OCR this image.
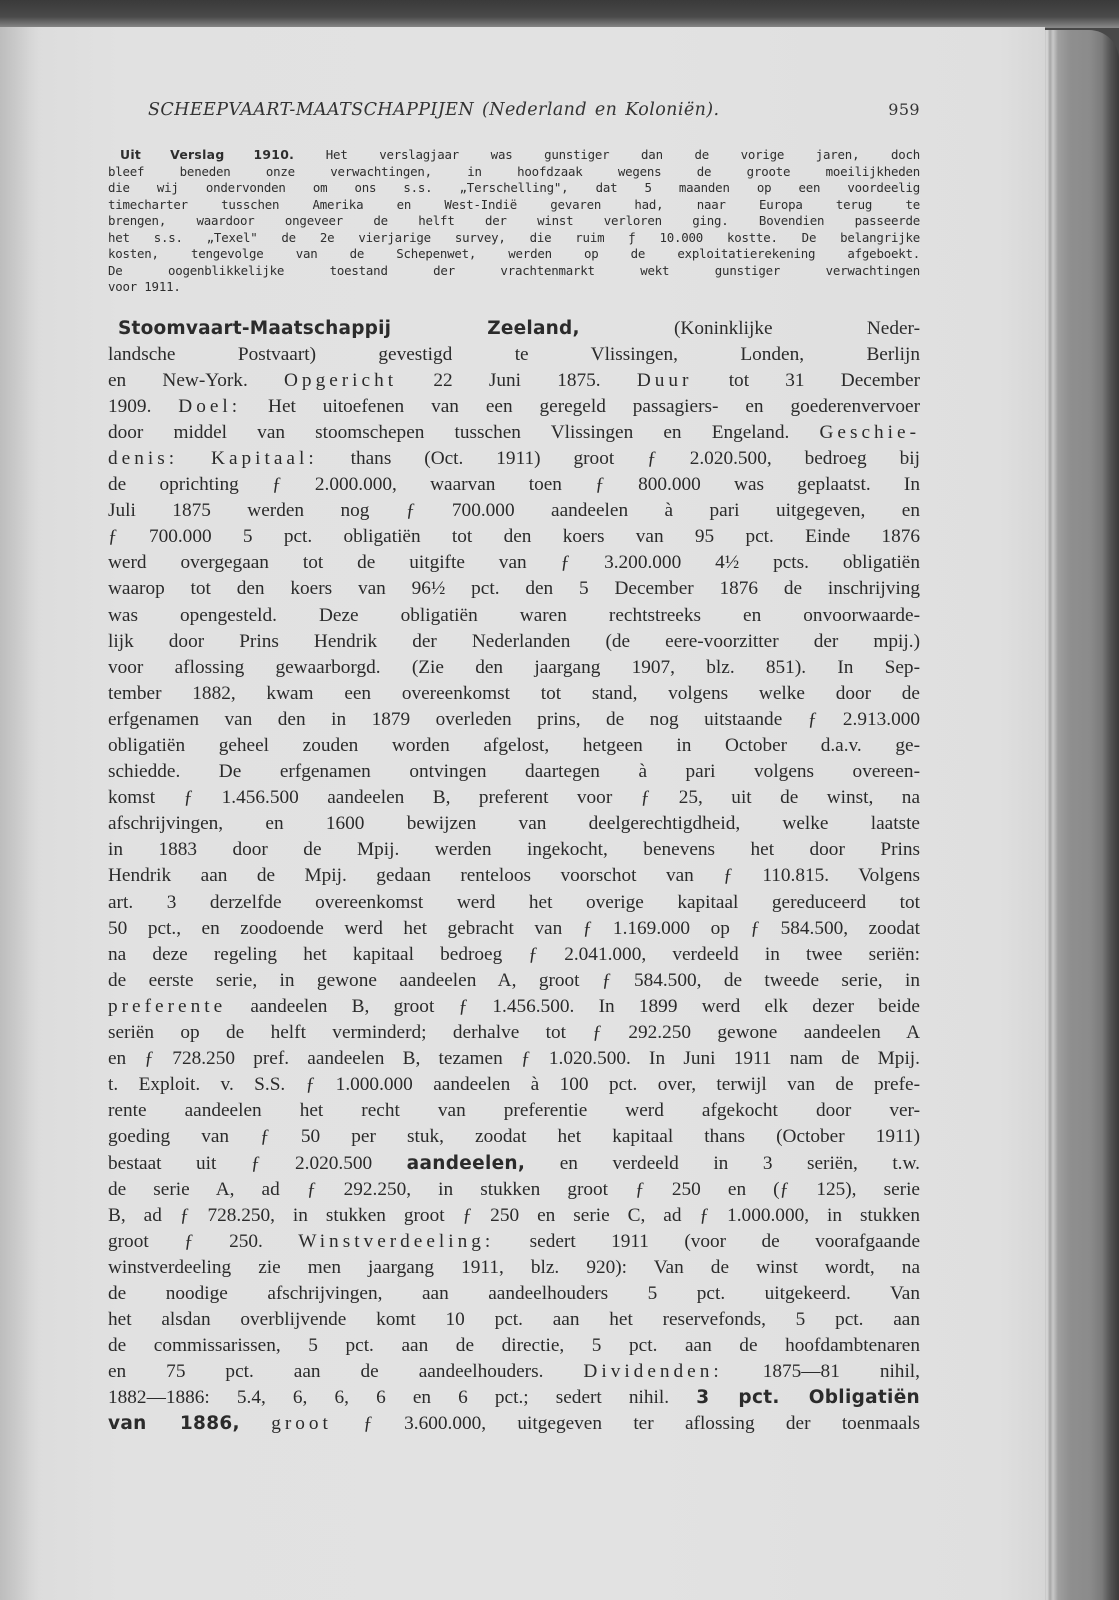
SCHEEPVAART-MAATSCHAPPIJEN (Nederland en Koloniën).	959
Uit Verslag 1910. Het verslagjaar was gunstiger dan de vorige jaren, doch
bleef beneden onze verwachtingen, in hoofdzaak wegens de groote moeilijkheden
die wij ondervonden om ons s.s. „Terschelling", dat 5 maanden op een voordeelig
timecharter tusschen Amerika en West-Indië gevaren had, naar Europa terug te
brengen, waardoor ongeveer de helft der winst verloren ging. Bovendien passeerde
het s.s. „Texel" de 2e vierjarige survey, die ruim ƒ 10.000 kostte. De belangrijke
kosten, tengevolge van de Schepenwet, werden op de exploitatierekening afgeboekt.
De oogenblikkelijke toestand der vrachtenmarkt wekt gunstiger verwachtingen
voor 1911.
Stoomvaart-Maatschappij Zeeland, (Koninklijke Neder-
landsche Postvaart) gevestigd te Vlissingen, Londen, Berlijn
en New-York. Opgericht 22 Juni 1875. Duur tot 31 December
1909. Doel: Het uitoefenen van een geregeld passagiers- en goederenvervoer
door middel van stoomschepen tusschen Vlissingen en Engeland. Geschie-
denis: Kapitaal: thans (Oct. 1911) groot ƒ 2.020.500, bedroeg bij
de oprichting ƒ 2.000.000, waarvan toen ƒ 800.000 was geplaatst. In
Juli 1875 werden nog ƒ 700.000 aandeelen à pari uitgegeven, en
ƒ 700.000 5 pct. obligatiën tot den koers van 95 pct. Einde 1876
werd overgegaan tot de uitgifte van ƒ 3.200.000 4½ pcts. obligatiën
waarop tot den koers van 96½ pct. den 5 December 1876 de inschrijving
was opengesteld. Deze obligatiën waren rechtstreeks en onvoorwaarde-
lijk door Prins Hendrik der Nederlanden (de eere-voorzitter der mpij.)
voor aflossing gewaarborgd. (Zie den jaargang 1907, blz. 851). In Sep-
tember 1882, kwam een overeenkomst tot stand, volgens welke door de
erfgenamen van den in 1879 overleden prins, de nog uitstaande ƒ 2.913.000
obligatiën geheel zouden worden afgelost, hetgeen in October d.a.v. ge-
schiedde. De erfgenamen ontvingen daartegen à pari volgens overeen-
komst ƒ 1.456.500 aandeelen B, preferent voor ƒ 25, uit de winst, na
afschrijvingen, en 1600 bewijzen van deelgerechtigdheid, welke laatste
in 1883 door de Mpij. werden ingekocht, benevens het door Prins
Hendrik aan de Mpij. gedaan renteloos voorschot van ƒ 110.815. Volgens
art. 3 derzelfde overeenkomst werd het overige kapitaal gereduceerd tot
50 pct., en zoodoende werd het gebracht van ƒ 1.169.000 op ƒ 584.500, zoodat
na deze regeling het kapitaal bedroeg ƒ 2.041.000, verdeeld in twee seriën:
de eerste serie, in gewone aandeelen A, groot ƒ 584.500, de tweede serie, in
preferente aandeelen B, groot ƒ 1.456.500. In 1899 werd elk dezer beide
seriën op de helft verminderd; derhalve tot ƒ 292.250 gewone aandeelen A
en ƒ 728.250 pref. aandeelen B, tezamen ƒ 1.020.500. In Juni 1911 nam de Mpij.
t. Exploit. v. S.S. ƒ 1.000.000 aandeelen à 100 pct. over, terwijl van de prefe-
rente aandeelen het recht van preferentie werd afgekocht door ver-
goeding van ƒ 50 per stuk, zoodat het kapitaal thans (October 1911)
bestaat uit ƒ 2.020.500 aandeelen, en verdeeld in 3 seriën, t.w.
de serie A, ad ƒ 292.250, in stukken groot ƒ 250 en (ƒ 125), serie
B, ad ƒ 728.250, in stukken groot ƒ 250 en serie C, ad ƒ 1.000.000, in stukken
groot ƒ 250. Winstverdeeling: sedert 1911 (voor de voorafgaande
winstverdeeling zie men jaargang 1911, blz. 920): Van de winst wordt, na
de noodige afschrijvingen, aan aandeelhouders 5 pct. uitgekeerd. Van
het alsdan overblijvende komt 10 pct. aan het reservefonds, 5 pct. aan
de commissarissen, 5 pct. aan de directie, 5 pct. aan de hoofdambtenaren
en 75 pct. aan de aandeelhouders. Dividenden: 1875—81 nihil,
1882—1886: 5.4, 6, 6, 6 en 6 pct.; sedert nihil. 3 pct. Obligatiën
van 1886, groot ƒ 3.600.000, uitgegeven ter aflossing der toenmaals
